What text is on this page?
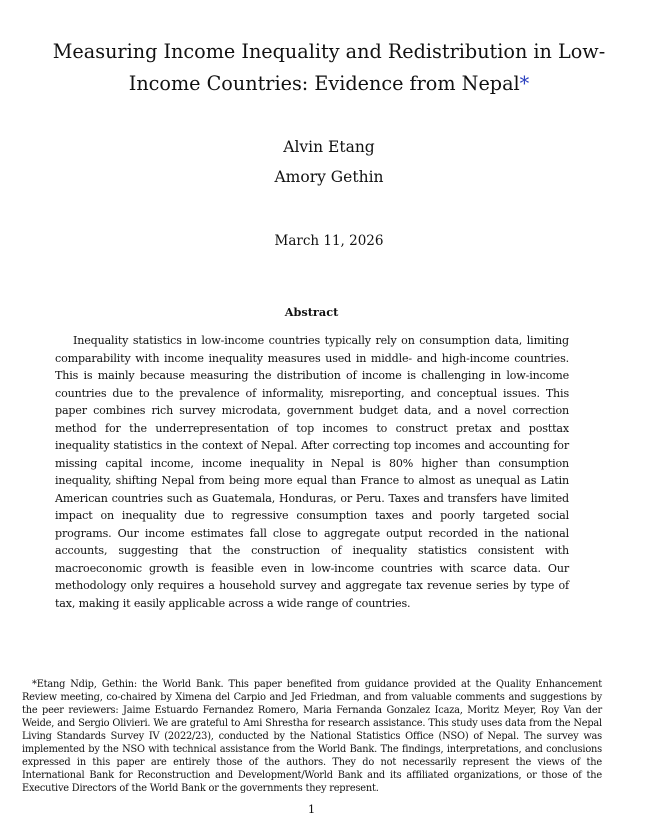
Measuring Income Inequality and Redistribution in Low-Income Countries: Evidence from Nepal*

Alvin Etang

Amory Gethin

March 11, 2026

Abstract

Inequality statistics in low-income countries typically rely on consumption data, limiting comparability with income inequality measures used in middle- and high-income countries. This is mainly because measuring the distribution of income is challenging in low-income countries due to the prevalence of informality, misreporting, and conceptual issues. This paper combines rich survey microdata, government budget data, and a novel correction method for the underrepresentation of top incomes to construct pretax and posttax inequality statistics in the context of Nepal. After correcting top incomes and accounting for missing capital income, income inequality in Nepal is 80% higher than consumption inequality, shifting Nepal from being more equal than France to almost as unequal as Latin American countries such as Guatemala, Honduras, or Peru. Taxes and transfers have limited impact on inequality due to regressive consumption taxes and poorly targeted social programs. Our income estimates fall close to aggregate output recorded in the national accounts, suggesting that the construction of inequality statistics consistent with macroeconomic growth is feasible even in low-income countries with scarce data. Our methodology only requires a household survey and aggregate tax revenue series by type of tax, making it easily applicable across a wide range of countries.

*Etang Ndip, Gethin: the World Bank. This paper benefited from guidance provided at the Quality Enhancement Review meeting, co-chaired by Ximena del Carpio and Jed Friedman, and from valuable comments and suggestions by the peer reviewers: Jaime Estuardo Fernandez Romero, Maria Fernanda Gonzalez Icaza, Moritz Meyer, Roy Van der Weide, and Sergio Olivieri. We are grateful to Ami Shrestha for research assistance. This study uses data from the Nepal Living Standards Survey IV (2022/23), conducted by the National Statistics Office (NSO) of Nepal. The survey was implemented by the NSO with technical assistance from the World Bank. The findings, interpretations, and conclusions expressed in this paper are entirely those of the authors. They do not necessarily represent the views of the International Bank for Reconstruction and Development/World Bank and its affiliated organizations, or those of the Executive Directors of the World Bank or the governments they represent.

1
